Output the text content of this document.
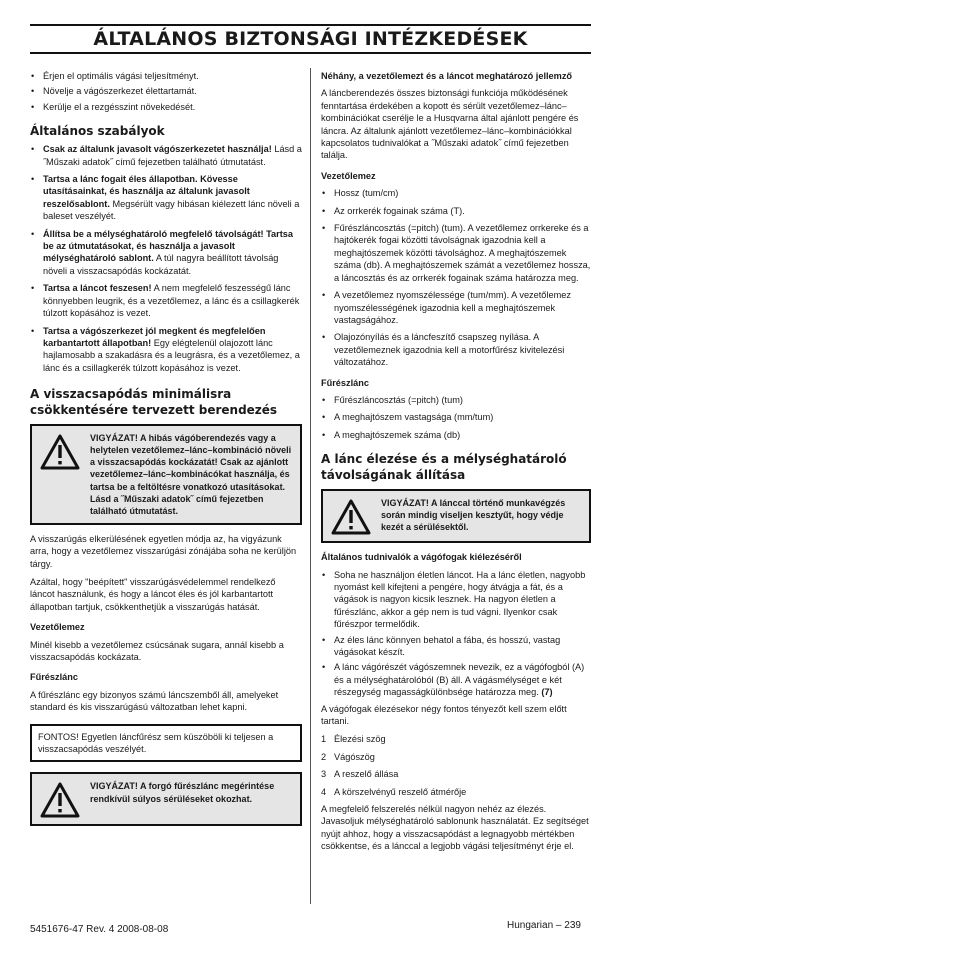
ÁLTALÁNOS BIZTONSÁGI INTÉZKEDÉSEK
• Érjen el optimális vágási teljesítményt.
• Növelje a vágószerkezet élettartamát.
• Kerülje el a rezgésszint növekedését.
Általános szabályok
• Csak az általunk javasolt vágószerkezetet használja! Lásd a ˝Műszaki adatok˝ című fejezetben található útmutatást.
• Tartsa a lánc fogait éles állapotban. Kövesse utasításainkat, és használja az általunk javasolt reszelősablont. Megsérült vagy hibásan kiélezett lánc növeli a baleset veszélyét.
• Állítsa be a mélységhatároló megfelelő távolságát! Tartsa be az útmutatásokat, és használja a javasolt mélységhatároló sablont. A túl nagyra beállított távolság növeli a visszacsapódás kockázatát.
• Tartsa a láncot feszesen! A nem megfelelő feszességű lánc könnyebben leugrik, és a vezetőlemez, a lánc és a csillagkerék túlzott kopásához is vezet.
• Tartsa a vágószerkezet jól megkent és megfelelően karbantartott állapotban! Egy elégtelenül olajozott lánc hajlamosabb a szakadásra és a leugrásra, és a vezetőlemez, a lánc és a csillagkerék túlzott kopásához is vezet.
A visszacsapódás minimálisra csökkentésére tervezett berendezés
VIGYÁZAT! A hibás vágóberendezés vagy a helytelen vezetőlemez–lánc–kombináció növeli a visszacsapódás kockázatát! Csak az ajánlott vezetőlemez–lánc–kombinácókat használja, és tartsa be a feltöltésre vonatkozó utasításokat. Lásd a ˝Műszaki adatok˝ című fejezetben található útmutatást.

A visszarúgás elkerülésének egyetlen módja az, ha vigyázunk arra, hogy a vezetőlemez visszarúgási zónájába soha ne kerüljön tárgy.

Azáltal, hogy "beépített" visszarúgásvédelemmel rendelkező láncot használunk, és hogy a láncot éles és jól karbantartott állapotban tartjuk, csökkenthetjük a visszarúgás hatását.

Vezetőlemez

Minél kisebb a vezetőlemez csúcsának sugara, annál kisebb a visszacsapódás kockázata.

Fűrészlánc

A fűrészlánc egy bizonyos számú láncszemből áll, amelyeket standard és kis visszarúgású változatban lehet kapni.

FONTOS! Egyetlen láncfűrész sem küszöböli ki teljesen a visszacsapódás veszélyét.
VIGYÁZAT! A forgó fűrészlánc megérintése rendkívül súlyos sérüléseket okozhat.
Néhány, a vezetőlemezt és a láncot meghatározó jellemző

A láncberendezés összes biztonsági funkciója működésének fenntartása érdekében a kopott és sérült vezetőlemez–lánc–kombinációkat cserélje le a Husqvarna által ajánlott pengére és láncra. Az általunk ajánlott vezetőlemez–lánc–kombinációkkal kapcsolatos tudnivalókat a ˝Műszaki adatok˝ című fejezetben találja.

Vezetőlemez
• Hossz (tum/cm)
• Az orrkerék fogainak száma (T).
• Fűrészláncosztás (=pitch) (tum). A vezetőlemez orrkereke és a hajtókerék fogai közötti távolságnak igazodnia kell a meghajtószemek közötti távolsághoz. A meghajtószemek száma (db). A meghajtószemek számát a vezetőlemez hossza, a láncosztás és az orrkerék fogainak száma határozza meg.
• A vezetőlemez nyomszélessége (tum/mm). A vezetőlemez nyomszélességének igazodnia kell a meghajtószemek vastagságához.
• Olajozónyílás és a láncfeszítő csapszeg nyílása. A vezetőlemeznek igazodnia kell a motorfűrész kivitelezési változatához.
Fűrészlánc
• Fűrészláncosztás (=pitch) (tum)
• A meghajtószem vastagsága (mm/tum)
• A meghajtószemek száma (db)
A lánc élezése és a mélységhatároló távolságának állítása
VIGYÁZAT! A lánccal történő munkavégzés során mindig viseljen kesztyűt, hogy védje kezét a sérülésektől.
Általános tudnivalók a vágófogak kiélezéséről
• Soha ne használjon életlen láncot. Ha a lánc életlen, nagyobb nyomást kell kifejteni a pengére, hogy átvágja a fát, és a vágások is nagyon kicsik lesznek. Ha nagyon életlen a fűrészlánc, akkor a gép nem is tud vágni. Ilyenkor csak fűrészpor termelődik.
• Az éles lánc könnyen behatol a fába, és hosszú, vastag vágásokat készít.
• A lánc vágórészét vágószemnek nevezik, ez a vágófogból (A) és a mélységhatárolóból (B) áll. A vágásmélységet e két részegység magasságkülönbsége határozza meg. (7)

A vágófogak élezésekor négy fontos tényezőt kell szem előtt tartani.

1 Élezési szög
2 Vágószög
3 A reszelő állása
4 A körszelvényű reszelő átmérője

A megfelelő felszerelés nélkül nagyon nehéz az élezés. Javasoljuk mélységhatároló sablonunk használatát. Ez segítséget nyújt ahhoz, hogy a visszacsapódást a legnagyobb mértékben csökkentse, és a lánccal a legjobb vágási teljesítményt érje el.

5451676-47 Rev. 4 2008-08-08	Hungarian – 239
